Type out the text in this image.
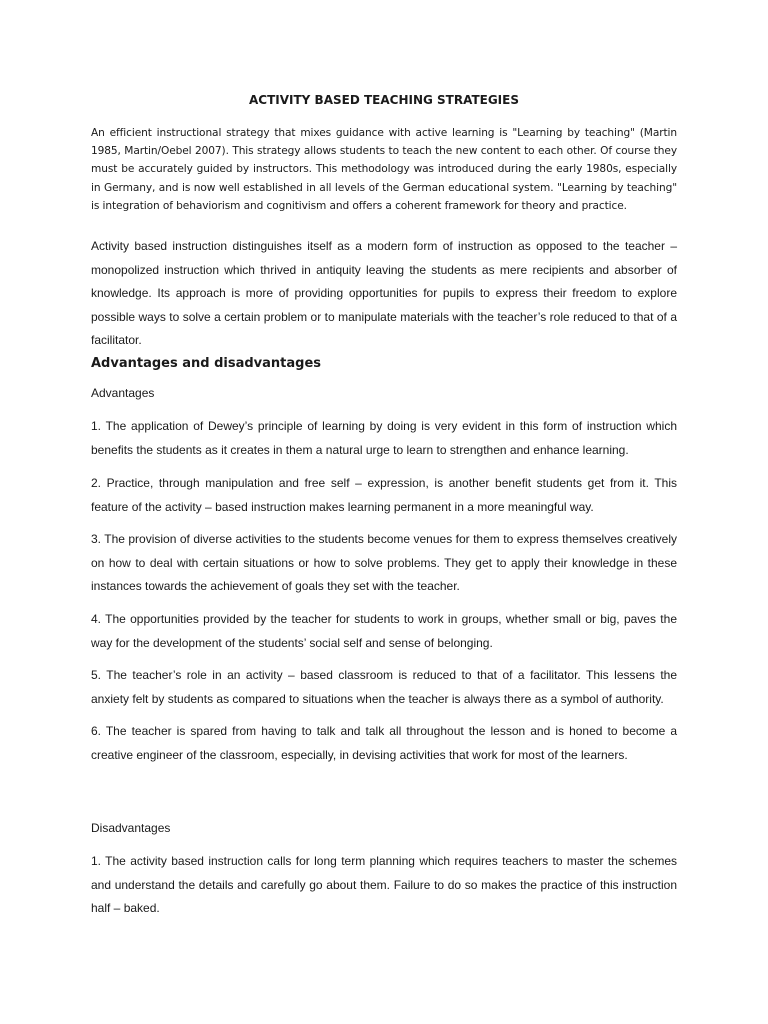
ACTIVITY BASED TEACHING STRATEGIES
An efficient instructional strategy that mixes guidance with active learning is "Learning by teaching" (Martin 1985, Martin/Oebel 2007). This strategy allows students to teach the new content to each other. Of course they must be accurately guided by instructors. This methodology was introduced during the early 1980s, especially in Germany, and is now well established in all levels of the German educational system. "Learning by teaching" is integration of behaviorism and cognitivism and offers a coherent framework for theory and practice.

Activity based instruction distinguishes itself as a modern form of instruction as opposed to the teacher – monopolized instruction which thrived in antiquity leaving the students as mere recipients and absorber of knowledge. Its approach is more of providing opportunities for pupils to express their freedom to explore possible ways to solve a certain problem or to manipulate materials with the teacher’s role reduced to that of a facilitator.

Advantages and disadvantages
Advantages

1. The application of Dewey’s principle of learning by doing is very evident in this form of instruction which benefits the students as it creates in them a natural urge to learn to strengthen and enhance learning.

2. Practice, through manipulation and free self – expression, is another benefit students get from it. This feature of the activity – based instruction makes learning permanent in a more meaningful way.

3. The provision of diverse activities to the students become venues for them to express themselves creatively on how to deal with certain situations or how to solve problems. They get to apply their knowledge in these instances towards the achievement of goals they set with the teacher.

4. The opportunities provided by the teacher for students to work in groups, whether small or big, paves the way for the development of the students’ social self and sense of belonging.

5. The teacher’s role in an activity – based classroom is reduced to that of a facilitator. This lessens the anxiety felt by students as compared to situations when the teacher is always there as a symbol of authority.

6. The teacher is spared from having to talk and talk all throughout the lesson and is honed to become a creative engineer of the classroom, especially, in devising activities that work for most of the learners.

Disadvantages

1. The activity based instruction calls for long term planning which requires teachers to master the schemes and understand the details and carefully go about them. Failure to do so makes the practice of this instruction half – baked.
